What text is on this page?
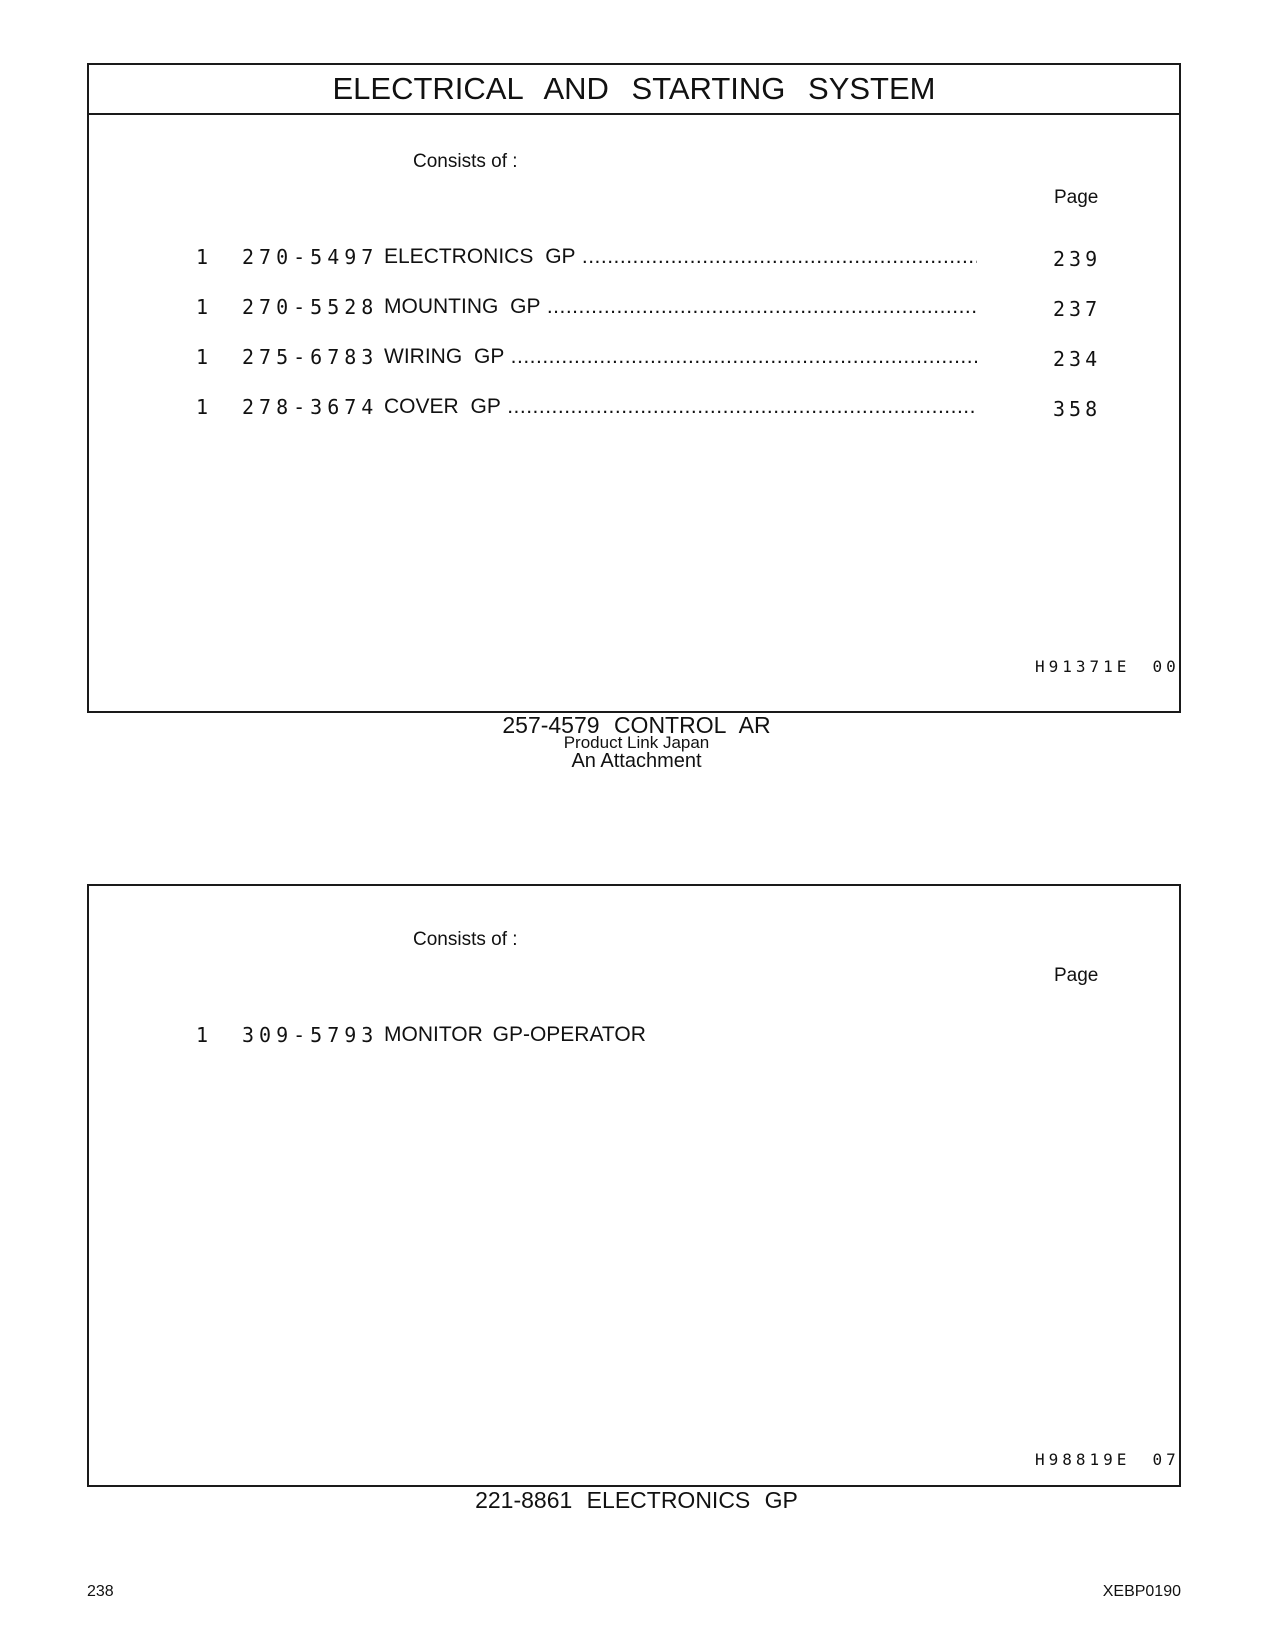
ELECTRICAL AND STARTING SYSTEM
Consists of :
Page
1 270-5497 ELECTRONICS GP .....	239
1 270-5528 MOUNTING GP .....	237
1 275-6783 WIRING GP .....	234
1 278-3674 COVER GP .....	358
H91371E 00
257-4579 CONTROL AR
Product Link Japan
An Attachment
Consists of :
Page
1 309-5793 MONITOR GP-OPERATOR
H98819E 07
221-8861 ELECTRONICS GP
238	XEBP0190
